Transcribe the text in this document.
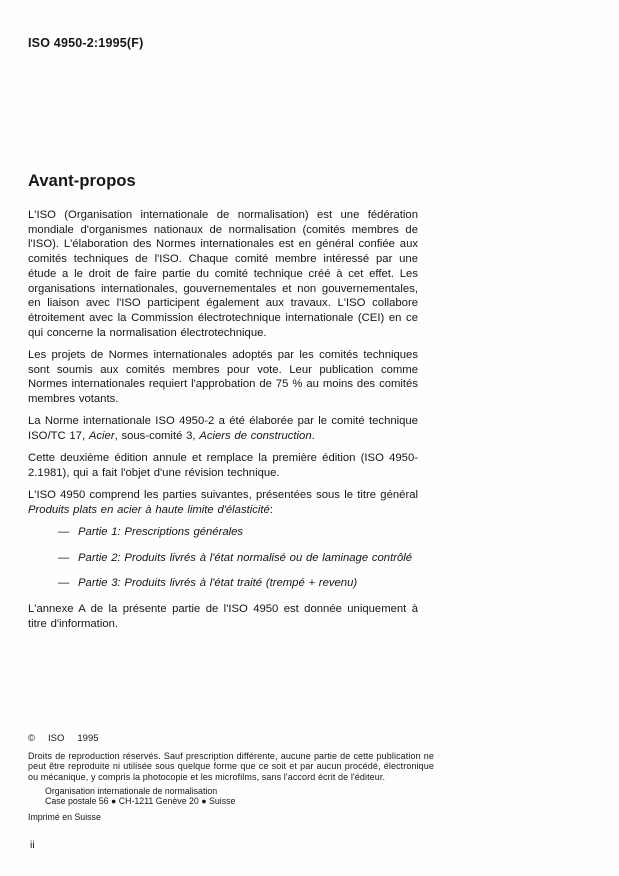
ISO 4950-2:1995(F)
Avant-propos

L'ISO (Organisation internationale de normalisation) est une fédération mondiale d'organismes nationaux de normalisation (comités membres de l'ISO). L'élaboration des Normes internationales est en général confiée aux comités techniques de l'ISO. Chaque comité membre intéressé par une étude a le droit de faire partie du comité technique créé à cet effet. Les organisations internationales, gouvernementales et non gouvernementales, en liaison avec l'ISO participent également aux travaux. L'ISO collabore étroitement avec la Commission électrotechnique internationale (CEI) en ce qui concerne la normalisation électrotechnique.

Les projets de Normes internationales adoptés par les comités techniques sont soumis aux comités membres pour vote. Leur publication comme Normes internationales requiert l'approbation de 75 % au moins des comités membres votants.

La Norme internationale ISO 4950-2 a été élaborée par le comité technique ISO/TC 17, Acier, sous-comité 3, Aciers de construction.

Cette deuxième édition annule et remplace la première édition (ISO 4950-2.1981), qui a fait l'objet d'une révision technique.

L'ISO 4950 comprend les parties suivantes, présentées sous le titre général Produits plats en acier à haute limite d'élasticité:

— Partie 1: Prescriptions générales
— Partie 2: Produits livrés à l'état normalisé ou de laminage contrôlé
— Partie 3: Produits livrés à l'état traité (trempé + revenu)

L'annexe A de la présente partie de l'ISO 4950 est donnée uniquement à titre d'information.

© ISO 1995

Droits de reproduction réservés. Sauf prescription différente, aucune partie de cette publication ne peut être reproduite ni utilisée sous quelque forme que ce soit et par aucun procédé, électronique ou mécanique, y compris la photocopie et les microfilms, sans l'accord écrit de l'éditeur.

Organisation internationale de normalisation
Case postale 56 ● CH-1211 Genève 20 ● Suisse
Imprimé en Suisse
ii
